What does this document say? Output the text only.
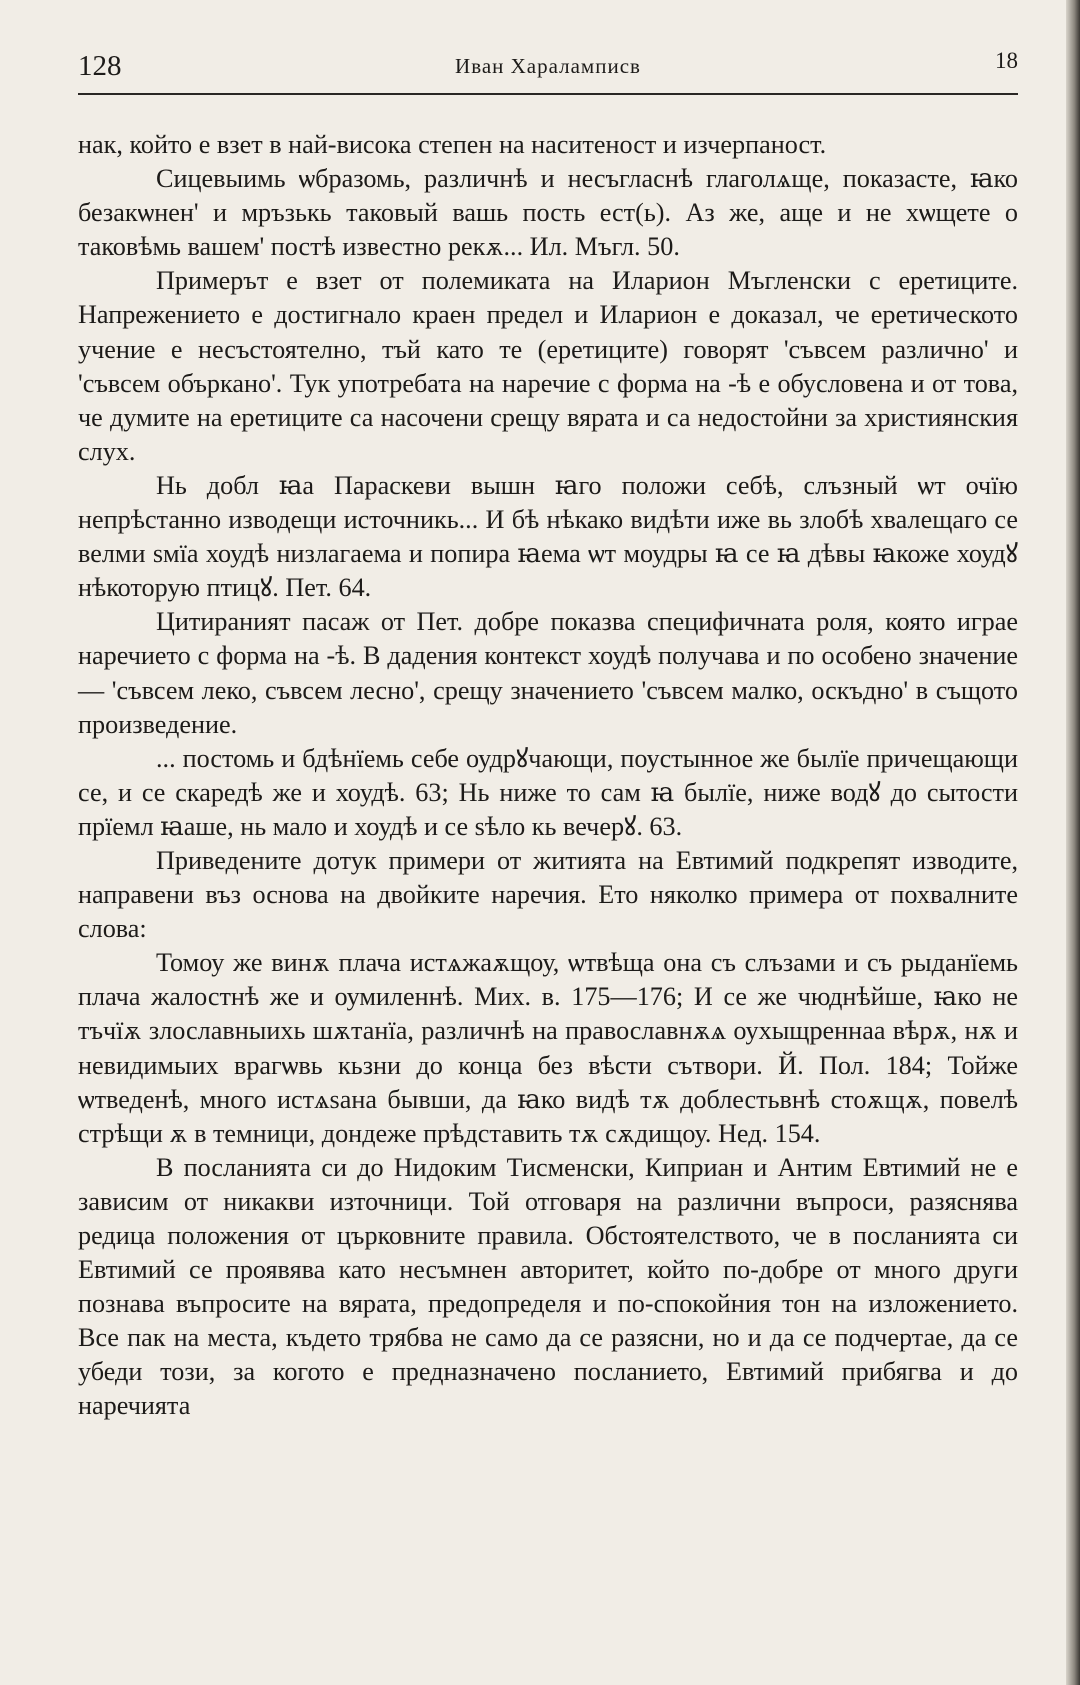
128	Иван Хараламписв	18

нак, който е взет в най-висока степен на наситеност и изчерпаност.

Сицевыимь ѡбразомь, различнѣ и несъгласнѣ глаголѧще, показасте, ꙗко безакѡнен' и мръзькь таковый вашь пость ест(ь). Аз же, аще и не хѡщете о таковѣмь вашем' постѣ известно рекѫ... Ил. Мъгл. 50.

Примерът е взет от полемиката на Иларион Мъгленски с еретиците. Напрежението е достигнало краен предел и Иларион е доказал, че еретическото учение е несъстоятелно, тъй като те (еретиците) говорят 'съвсем различно' и 'съвсем объркано'. Тук употребата на наречие с форма на -ѣ е обусловена и от това, че думите на еретиците са насочени срещу вярата и са недостойни за християнския слух.

Нь добл ꙗа Параскеви вышн ꙗго положи себѣ, слъзный ѡт очїю непрѣстанно изводещи источникь... И бѣ нѣкако видѣти иже вь злобѣ хвалещаго се велми ѕмїа хоудѣ низлагаема и попира ꙗема ѡт моудры ꙗ се ꙗ дѣвы ꙗкоже хоудꙋ нѣкоторую птицꙋ. Пет. 64.

Цитираният пасаж от Пет. добре показва специфичната роля, която играе наречието с форма на -ѣ. В дадения контекст хоудѣ получава и по особено значение — 'съвсем леко, съвсем лесно', срещу значението 'съвсем малко, оскъдно' в същото произведение.

... постомь и бдѣнїемь себе оудрꙋчающи, поустынное же былїе причещающи се, и се скаредѣ же и хоудѣ. 63; Нь ниже то сам ꙗ былїе, ниже водꙋ до сытости прїемл ꙗаше, нь мало и хоудѣ и се ѕѣло кь вечерꙋ. 63.

Приведените дотук примери от житията на Евтимий подкрепят изводите, направени въз основа на двойките наречия. Ето няколко примера от похвалните слова:

Томоу же винѫ плача истѧжаѫщоу, ѡтвѣща она съ слъзами и съ рыданїемь плача жалостнѣ же и оумиленнѣ. Мих. в. 175—176; И се же чюднѣйше, ꙗко не тъчїѫ злославныихь шѫтанїа, различнѣ на православнѫѧ оухыщреннаа вѣрѫ, нѫ и невидимыих врагѡвь кьзни до конца без вѣсти сътвори. Й. Пол. 184; Тойже ѡтведенѣ, много истѧѕана бывши, да ꙗко видѣ тѫ доблестьвнѣ стоѫщѫ, повелѣ стрѣщи ѫ в темници, дондеже прѣдставить тѫ сѫдищоу. Нед. 154.

В посланията си до Нидоким Тисменски, Киприан и Антим Евтимий не е зависим от никакви източници. Той отговаря на различни въпроси, разяснява редица положения от църковните правила. Обстоятелството, че в посланията си Евтимий се проявява като несъмнен авторитет, който по-добре от много други познава въпросите на вярата, предопределя и по-спокойния тон на изложението. Все пак на места, където трябва не само да се разясни, но и да се подчертае, да се убеди този, за когото е предназначено посланието, Евтимий прибягва и до наречията
